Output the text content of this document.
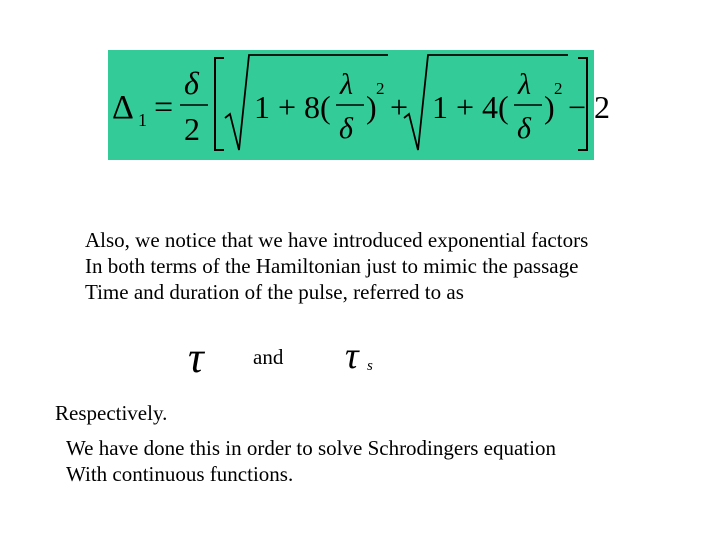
Δ 1 =
δ
2
1 + 8(
λ
δ
)
2
+ 1 + 4(
λ
δ
)
2
− 2
Also, we notice that we have introduced exponential factors
In both terms of the Hamiltonian just to mimic the passage
Time and duration of the pulse, referred to as
τ and τ s
Respectively.
We have done this in order to solve Schrodingers equation
With continuous functions.
